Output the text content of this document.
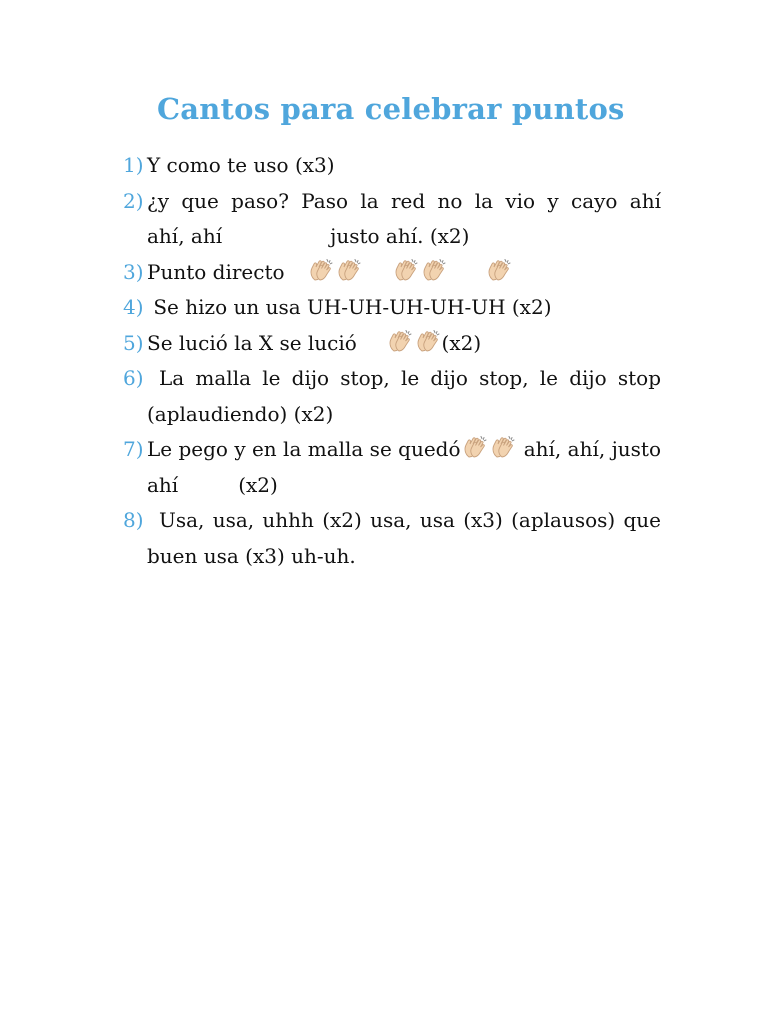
Cantos para celebrar puntos
1) Y como te uso (x3)
2) ¿y que paso? Paso la red no la vio y cayo ahí
ahí, ahí	justo ahí. (x2)
3) Punto directo

4) Se hizo un usa UH-UH-UH-UH-UH (x2)
5) Se lució la X se lució	(x2)
6) La malla le dijo stop, le dijo stop, le dijo stop
(aplaudiendo) (x2)
7) Le pego y en la malla se quedó	ahí, ahí, justo
ahí	(x2)
8) Usa, usa, uhhh (x2) usa, usa (x3) (aplausos) que
buen usa (x3) uh-uh.
